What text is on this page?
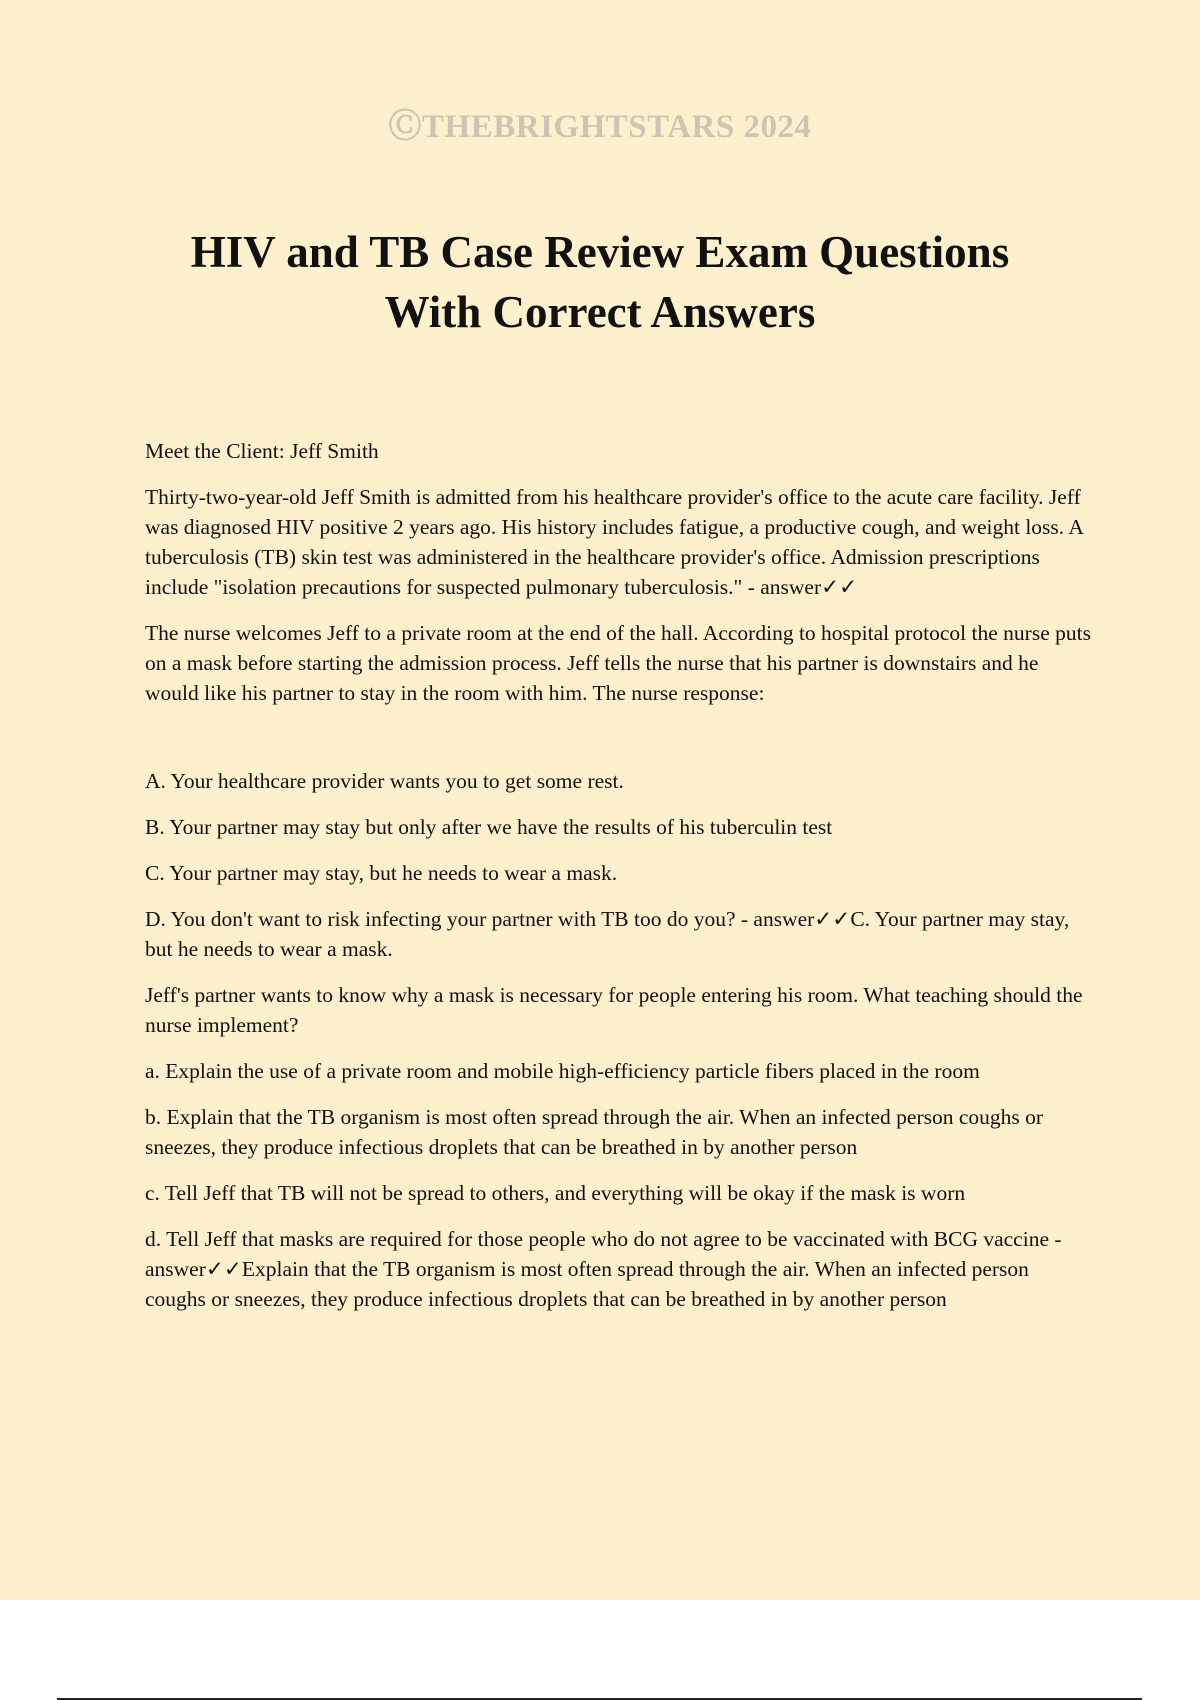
ⒸTHEBRIGHTSTARS 2024
HIV and TB Case Review Exam Questions
With Correct Answers

Meet the Client: Jeff Smith

Thirty-two-year-old Jeff Smith is admitted from his healthcare provider's office to the acute care facility. Jeff was diagnosed HIV positive 2 years ago. His history includes fatigue, a productive cough, and weight loss. A tuberculosis (TB) skin test was administered in the healthcare provider's office. Admission prescriptions include "isolation precautions for suspected pulmonary tuberculosis." - answer✓✓

The nurse welcomes Jeff to a private room at the end of the hall. According to hospital protocol the nurse puts on a mask before starting the admission process. Jeff tells the nurse that his partner is downstairs and he would like his partner to stay in the room with him. The nurse response:

A. Your healthcare provider wants you to get some rest.

B. Your partner may stay but only after we have the results of his tuberculin test

C. Your partner may stay, but he needs to wear a mask.

D. You don't want to risk infecting your partner with TB too do you? - answer✓✓C. Your partner may stay, but he needs to wear a mask.

Jeff's partner wants to know why a mask is necessary for people entering his room. What teaching should the nurse implement?

a. Explain the use of a private room and mobile high-efficiency particle fibers placed in the room

b. Explain that the TB organism is most often spread through the air. When an infected person coughs or sneezes, they produce infectious droplets that can be breathed in by another person

c. Tell Jeff that TB will not be spread to others, and everything will be okay if the mask is worn

d. Tell Jeff that masks are required for those people who do not agree to be vaccinated with BCG vaccine - answer✓✓Explain that the TB organism is most often spread through the air. When an infected person coughs or sneezes, they produce infectious droplets that can be breathed in by another person
